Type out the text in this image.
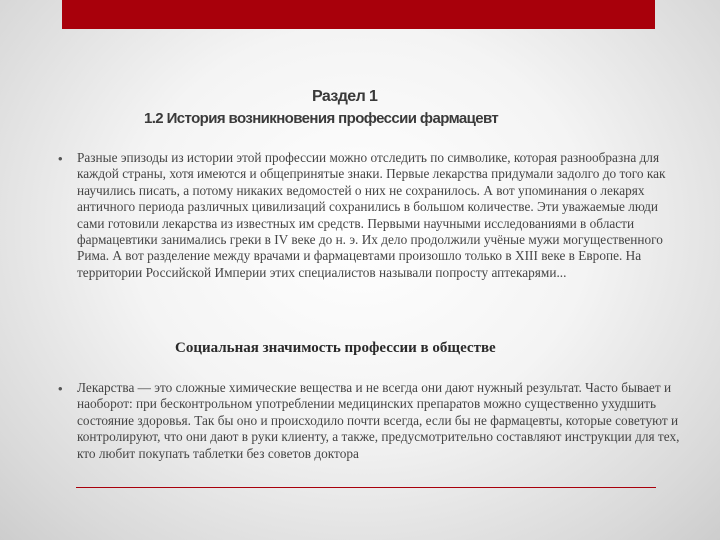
Раздел 1
1.2 История возникновения профессии фармацевт
• Разные эпизоды из истории этой профессии можно отследить по символике, которая разнообразна для каждой страны, хотя имеются и общепринятые знаки. Первые лекарства придумали задолго до того как научились писать, а потому никаких ведомостей о них не сохранилось. А вот упоминания о лекарях античного периода различных цивилизаций сохранились в большом количестве. Эти уважаемые люди сами готовили лекарства из известных им средств. Первыми научными исследованиями в области фармацевтики занимались греки в IV веке до н. э. Их дело продолжили учёные мужи могущественного Рима. А вот разделение между врачами и фармацевтами произошло только в XIII веке в Европе. На территории Российской Империи этих специалистов называли попросту аптекарями...
Социальная значимость профессии в обществе
• Лекарства — это сложные химические вещества и не всегда они дают нужный результат. Часто бывает и наоборот: при бесконтрольном употреблении медицинских препаратов можно существенно ухудшить состояние здоровья. Так бы оно и происходило почти всегда, если бы не фармацевты, которые советуют и контролируют, что они дают в руки клиенту, а также, предусмотрительно составляют инструкции для тех, кто любит покупать таблетки без советов доктора
